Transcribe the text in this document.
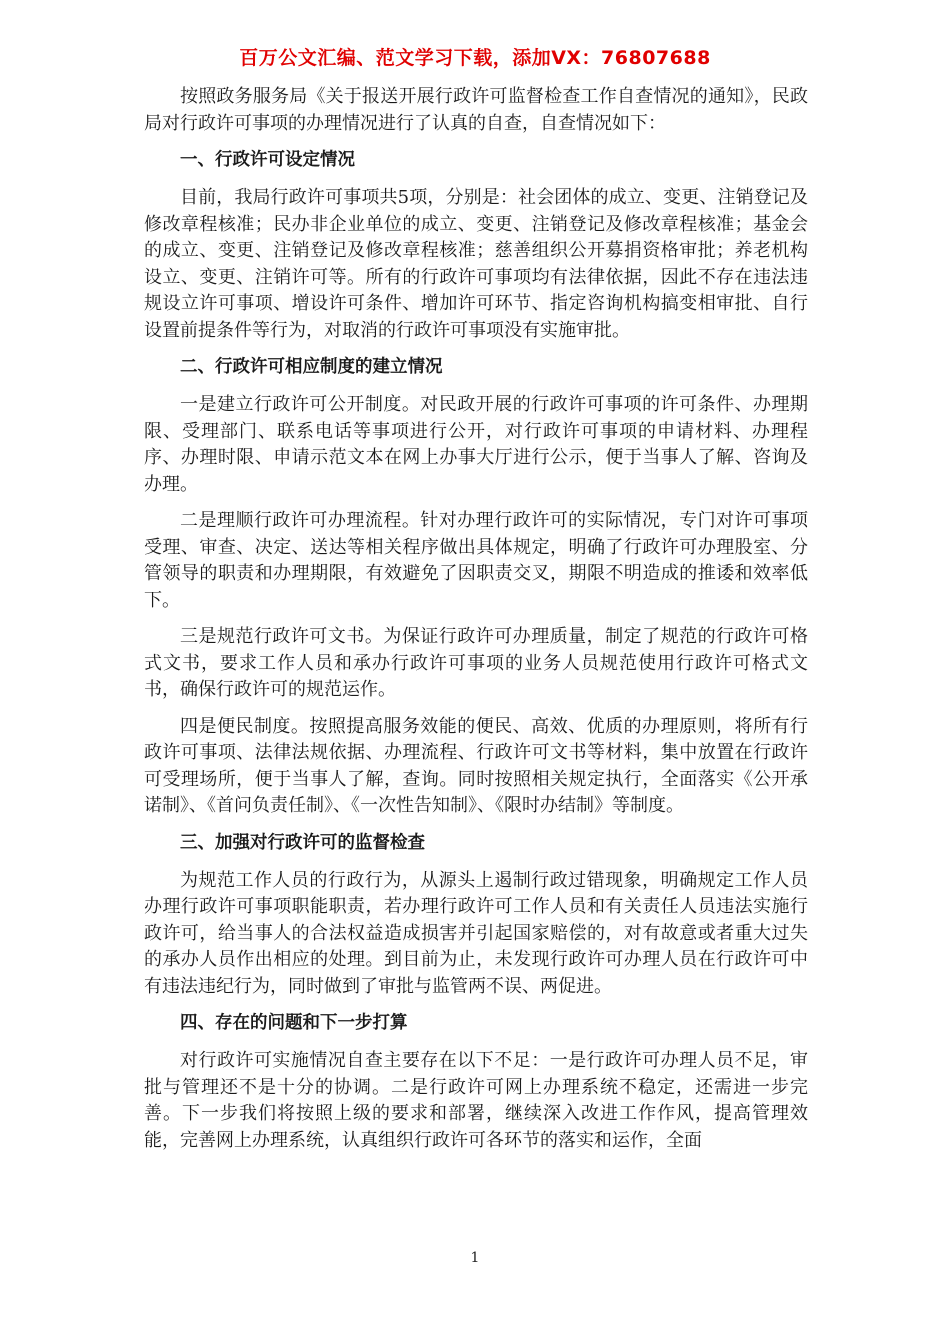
百万公文汇编、范文学习下载，添加VX：76807688

按照政务服务局《关于报送开展行政许可监督检查工作自查情况的通知》，民政局对行政许可事项的办理情况进行了认真的自查，自查情况如下：

一、行政许可设定情况

目前，我局行政许可事项共5项，分别是：社会团体的成立、变更、注销登记及修改章程核准；民办非企业单位的成立、变更、注销登记及修改章程核准；基金会的成立、变更、注销登记及修改章程核准；慈善组织公开募捐资格审批；养老机构设立、变更、注销许可等。所有的行政许可事项均有法律依据，因此不存在违法违规设立许可事项、增设许可条件、增加许可环节、指定咨询机构搞变相审批、自行设置前提条件等行为，对取消的行政许可事项没有实施审批。

二、行政许可相应制度的建立情况

一是建立行政许可公开制度。对民政开展的行政许可事项的许可条件、办理期限、受理部门、联系电话等事项进行公开，对行政许可事项的申请材料、办理程序、办理时限、申请示范文本在网上办事大厅进行公示，便于当事人了解、咨询及办理。

二是理顺行政许可办理流程。针对办理行政许可的实际情况，专门对许可事项受理、审查、决定、送达等相关程序做出具体规定，明确了行政许可办理股室、分管领导的职责和办理期限，有效避免了因职责交叉，期限不明造成的推诿和效率低下。

三是规范行政许可文书。为保证行政许可办理质量，制定了规范的行政许可格式文书，要求工作人员和承办行政许可事项的业务人员规范使用行政许可格式文书，确保行政许可的规范运作。

四是便民制度。按照提高服务效能的便民、高效、优质的办理原则，将所有行政许可事项、法律法规依据、办理流程、行政许可文书等材料，集中放置在行政许可受理场所，便于当事人了解，查询。同时按照相关规定执行，全面落实《公开承诺制》、《首问负责任制》、《一次性告知制》、《限时办结制》等制度。

三、加强对行政许可的监督检查

为规范工作人员的行政行为，从源头上遏制行政过错现象，明确规定工作人员办理行政许可事项职能职责，若办理行政许可工作人员和有关责任人员违法实施行政许可，给当事人的合法权益造成损害并引起国家赔偿的，对有故意或者重大过失的承办人员作出相应的处理。到目前为止，未发现行政许可办理人员在行政许可中有违法违纪行为，同时做到了审批与监管两不误、两促进。

四、存在的问题和下一步打算

对行政许可实施情况自查主要存在以下不足：一是行政许可办理人员不足，审批与管理还不是十分的协调。二是行政许可网上办理系统不稳定，还需进一步完善。下一步我们将按照上级的要求和部署，继续深入改进工作作风，提高管理效能，完善网上办理系统，认真组织行政许可各环节的落实和运作，全面

1
